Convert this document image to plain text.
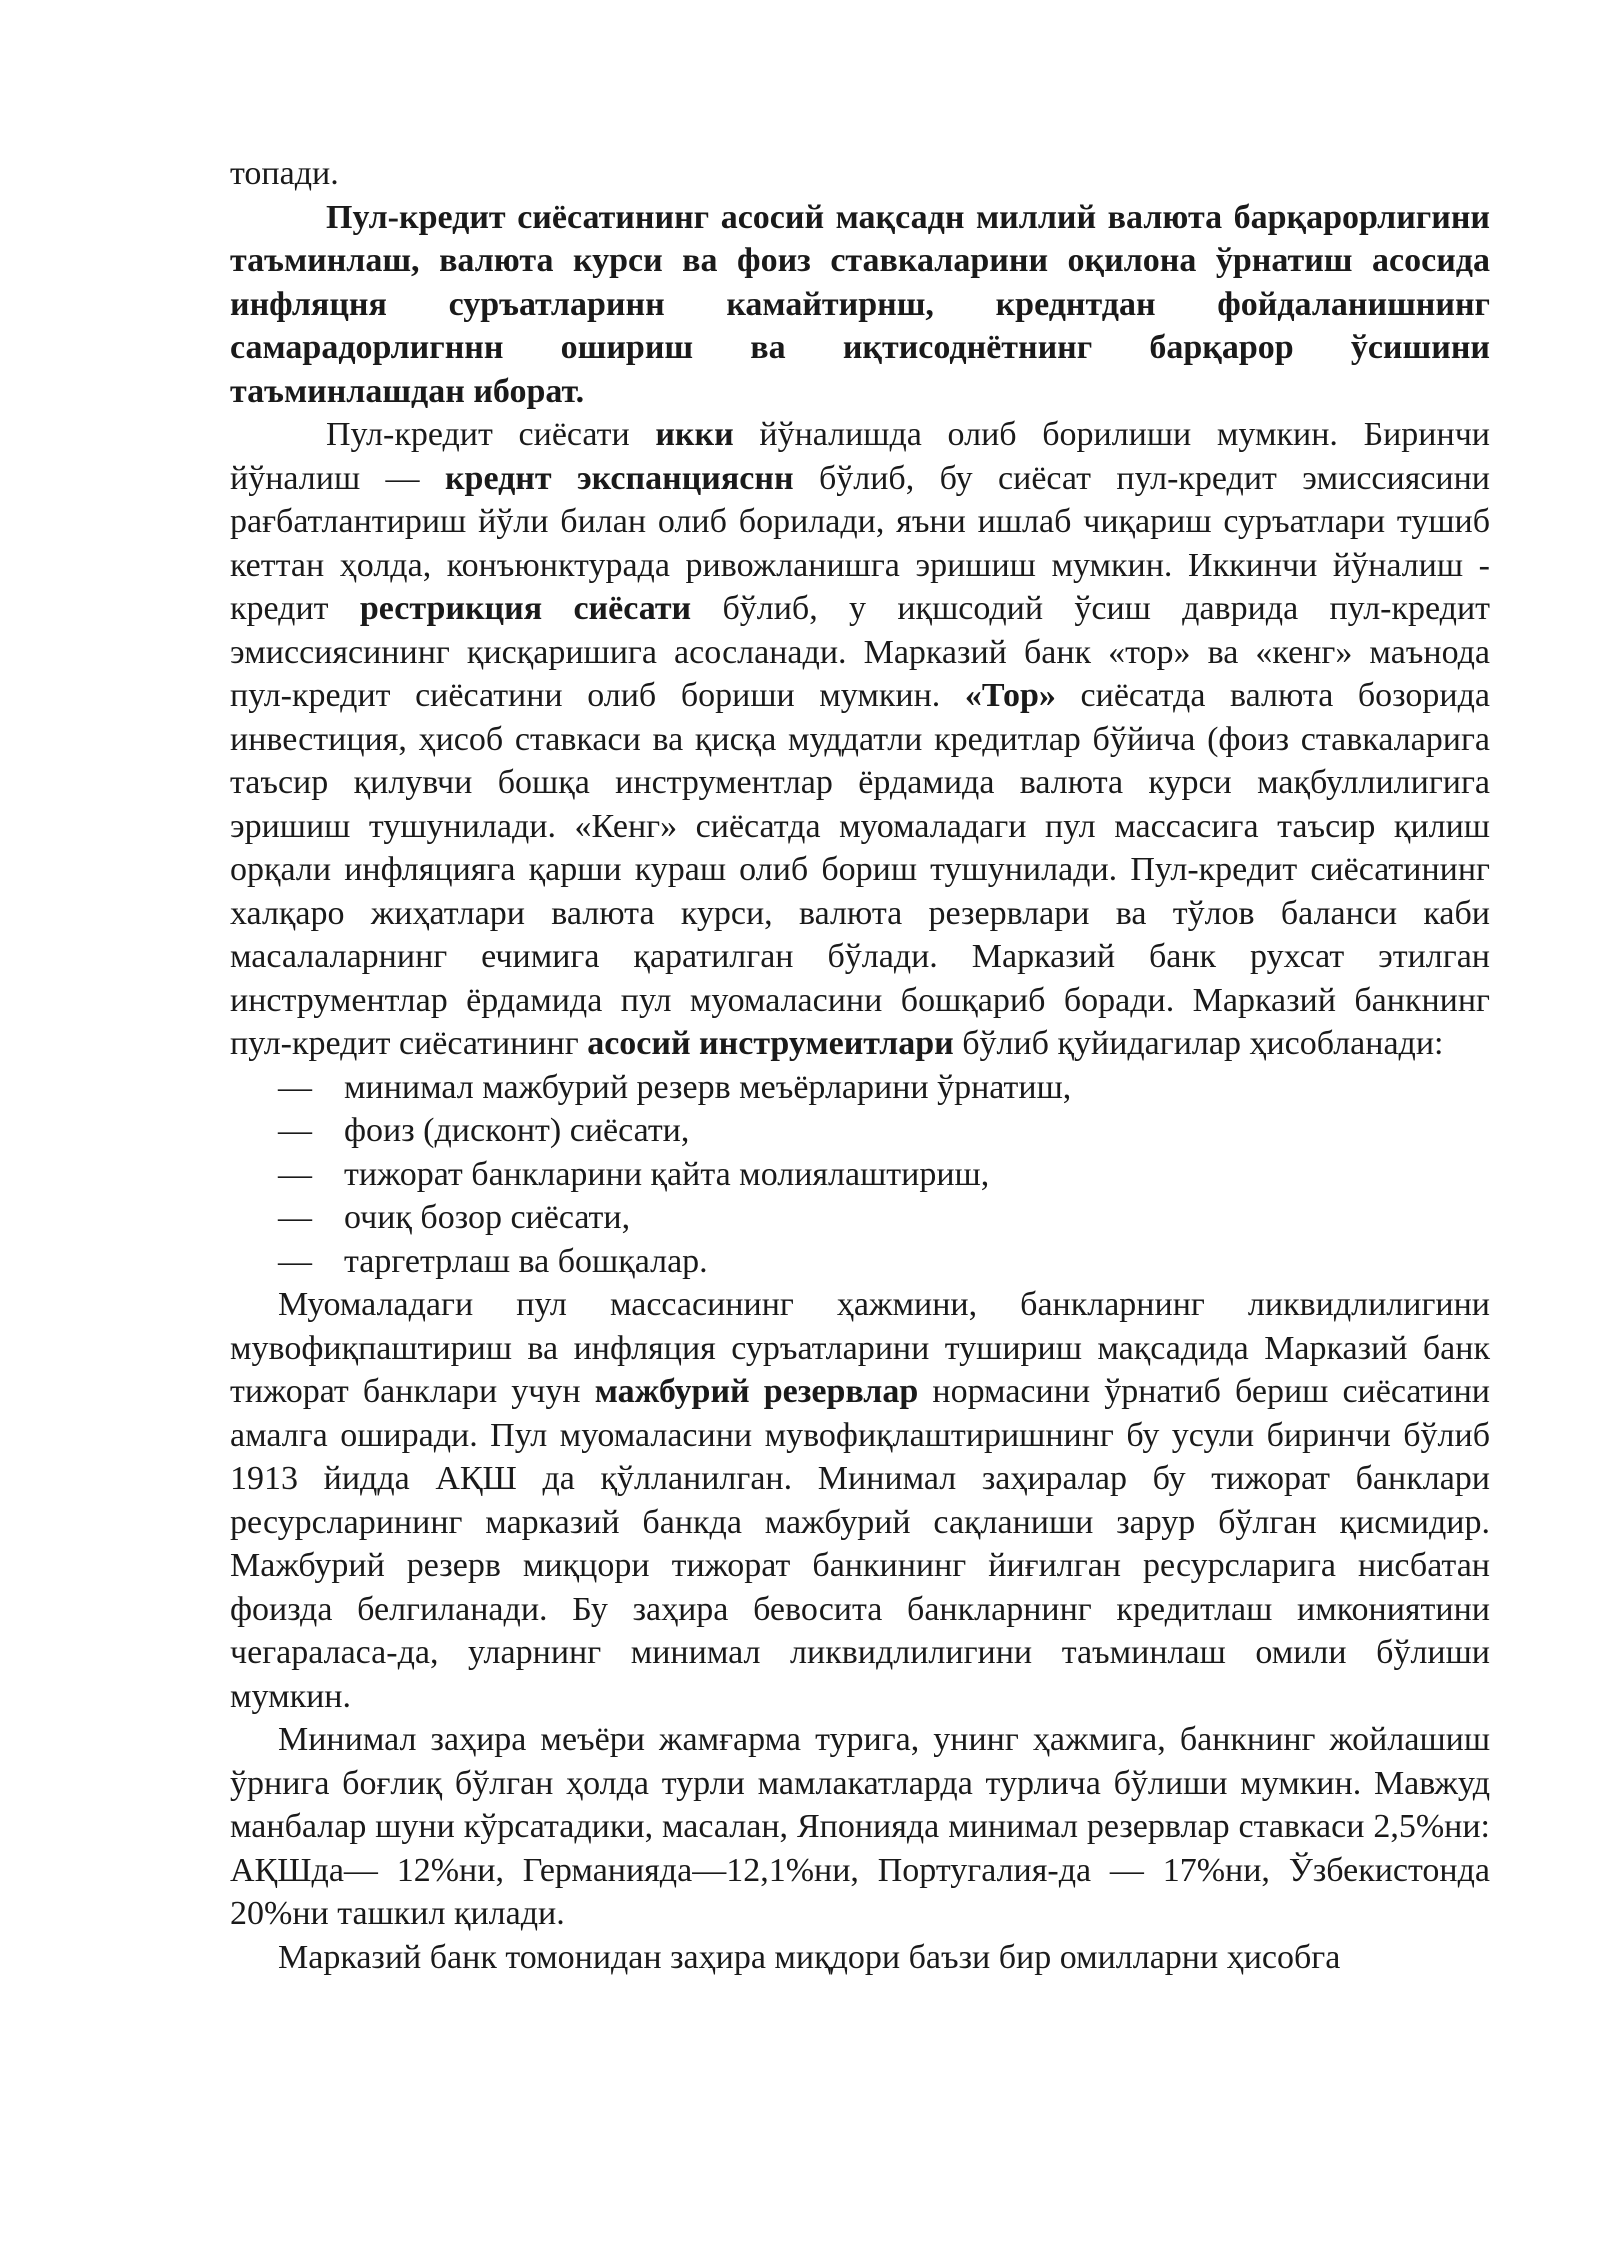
топади.

Пул-кредит сиёсатининг асосий мақсадн миллий валюта барқарорлигини таъминлаш, валюта курси ва фоиз ставкаларини оқилона ўрнатиш асосида инфляцня суръатларинн камайтирнш, креднтдан фойдаланишнинг самарадорлигннн ошириш ва иқтисоднётнинг барқарор ўсишини таъминлашдан иборат.

Пул-кредит сиёсати икки йўналишда олиб борилиши мумкин. Биринчи йўналиш — креднт экспанцияснн бўлиб, бу сиёсат пул-кредит эмиссиясини рағбатлантириш йўли билан олиб борилади, яъни ишлаб чиқариш суръатлари тушиб кеттан ҳолда, конъюнктурада ривожланишга эришиш мумкин. Иккинчи йўналиш - кредит рестрикция сиёсати бўлиб, у иқшсодий ўсиш даврида пул-кредит эмиссиясининг қисқаришига асосланади. Марказий банк «тор» ва «кенг» маънода пул-кредит сиёсатини олиб бориши мумкин. «Тор» сиёсатда валюта бозорида инвестиция, ҳисоб ставкаси ва қисқа муддатли кредитлар бўйича (фоиз ставкаларига таъсир қилувчи бошқа инструментлар ёрдамида валюта курси мақбуллилигига эришиш тушунилади. «Кенг» сиёсатда муомаладаги пул массасига таъсир қилиш орқали инфляцияга қарши кураш олиб бориш тушунилади. Пул-кредит сиёсатининг халқаро жиҳатлари валюта курси, валюта резервлари ва тўлов баланси каби масалаларнинг ечимига қаратилган бўлади. Марказий банк рухсат этилган инструментлар ёрдамида пул муомаласини бошқариб боради. Марказий банкнинг пул-кредит сиёсатининг асосий инструмеитлари бўлиб қуйидагилар ҳисобланади:

— минимал мажбурий резерв меъёрларини ўрнатиш,
— фоиз (дисконт) сиёсати,
— тижорат банкларини қайта молиялаштириш,
— очиқ бозор сиёсати,
— таргетрлаш ва бошқалар.

Муомаладаги пул массасининг ҳажмини, банкларнинг ликвидлилигини мувофиқпаштириш ва инфляция суръатларини тушириш мақсадида Марказий банк тижорат банклари учун мажбурий резервлар нормасини ўрнатиб бериш сиёсатини амалга оширади. Пул муомаласини мувофиқлаштиришнинг бу усули биринчи бўлиб 1913 йидда АҚШ да қўлланилган. Минимал заҳиралар бу тижорат банклари ресурсларининг марказий банкда мажбурий сақланиши зарур бўлган қисмидир. Мажбурий резерв миқцори тижорат банкининг йиғилган ресурсларига нисбатан фоизда белгиланади. Бу заҳира бевосита банкларнинг кредитлаш имкониятини чегараласа-да, уларнинг минимал ликвидлилигини таъминлаш омили бўлиши мумкин.

Минимал заҳира меъёри жамғарма турига, унинг ҳажмига, банкнинг жойлашиш ўрнига боғлиқ бўлган ҳолда турли мамлакатларда турлича бўлиши мумкин. Мавжуд манбалар шуни кўрсатадики, масалан, Японияда минимал резервлар ставкаси 2,5%ни: АҚШда— 12%ни, Германияда—12,1%ни, Португалия-да — 17%ни, Ўзбекистонда 20%ни ташкил қилади.

Марказий банк томонидан заҳира миқдори баъзи бир омилларни ҳисобга
